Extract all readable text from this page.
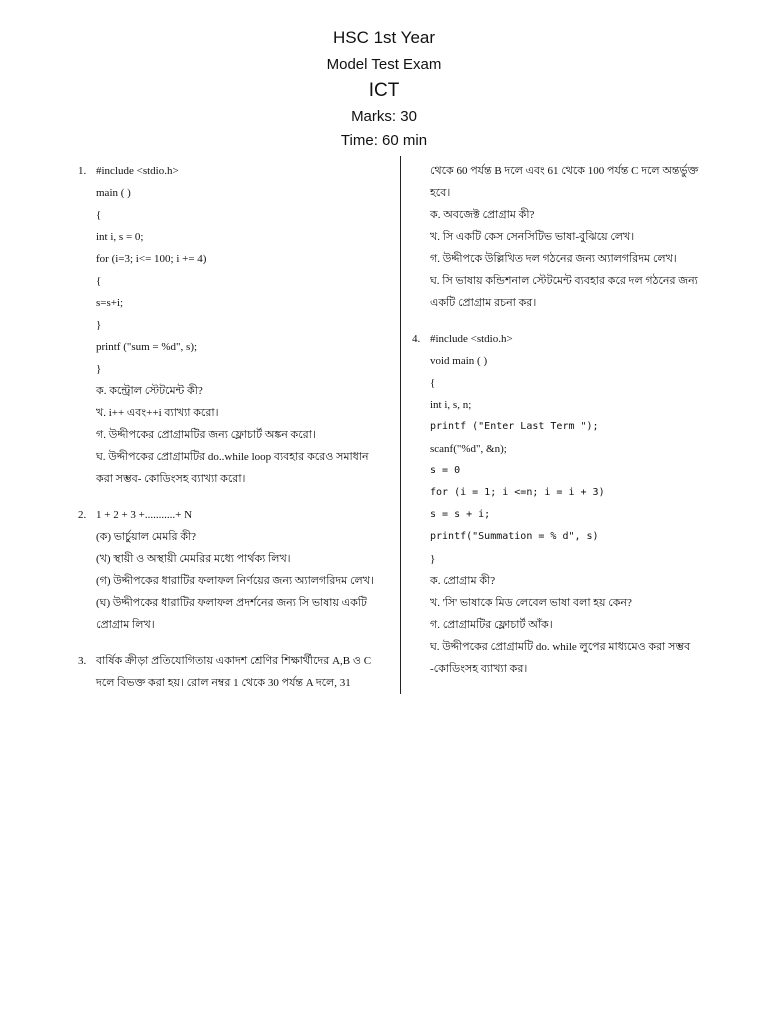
HSC 1st Year
Model Test Exam
ICT
Marks: 30
Time: 60 min
1. #include <stdio.h>
main ( )
{
int i, s = 0;
for (i=3; i<= 100; i += 4)
{
s=s+i;
}
printf ("sum = %d", s);
}
ক. কন্ট্রোল স্টেটমেন্ট কী?
খ. i++ এবং++i ব্যাখ্যা করো।
গ. উদ্দীপকের প্রোগ্রামটির জন্য ফ্লোচার্ট অঙ্কন করো।
ঘ. উদ্দীপকের প্রোগ্রামটির do..while loop ব্যবহার করেও সমাধান
করা সম্ভব- কোডিংসহ ব্যাখ্যা করো।
2. 1 + 2 + 3 +...........+ N
(ক) ভার্চুয়াল মেমরি কী?
(খ) স্থায়ী ও অস্থায়ী মেমরির মধ্যে পার্থক্য লিখ।
(গ) উদ্দীপকের ধারাটির ফলাফল নির্ণয়ের জন্য অ্যালগরিদম লেখ।
(ঘ) উদ্দীপকের ধারাটির ফলাফল প্রদর্শনের জন্য সি ভাষায় একটি
প্রোগ্রাম লিখ।
3. বার্ষিক ক্রীড়া প্রতিযোগিতায় একাদশ শ্রেণির শিক্ষার্থীদের A,B ও C
দলে বিভক্ত করা হয়। রোল নম্বর 1 থেকে 30 পর্যন্ত A দলে, 31
থেকে 60 পর্যন্ত B দলে এবং 61 থেকে 100 পর্যন্ত C দলে অন্তর্ভুক্ত
হবে।
ক. অবজেক্ট প্রোগ্রাম কী?
খ. সি একটি কেস সেনসিটিভ ভাষা-বুঝিয়ে লেখ।
গ. উদ্দীপকে উল্লিখিত দল গঠনের জন্য অ্যালগরিদম লেখ।
ঘ. সি ভাষায় কন্ডিশনাল স্টেটমেন্ট ব্যবহার করে দল গঠনের জন্য
একটি প্রোগ্রাম রচনা কর।
4. #include <stdio.h>
void main ( )
{
int i, s, n;
printf ("Enter Last Term ");
scanf("%d", &n);
s = 0
for (i = 1; i <=n; i = i + 3)
s = s + i;
printf("Summation = % d", s)
}
ক. প্রোগ্রাম কী?
খ. 'সি' ভাষাকে মিড লেবেল ভাষা বলা হয় কেন?
গ. প্রোগ্রামটির ফ্লোচার্ট আঁক।
ঘ. উদ্দীপকের প্রোগ্রামটি do. while লুপের মাধ্যমেও করা সম্ভব
-কোডিংসহ ব্যাখ্যা কর।
